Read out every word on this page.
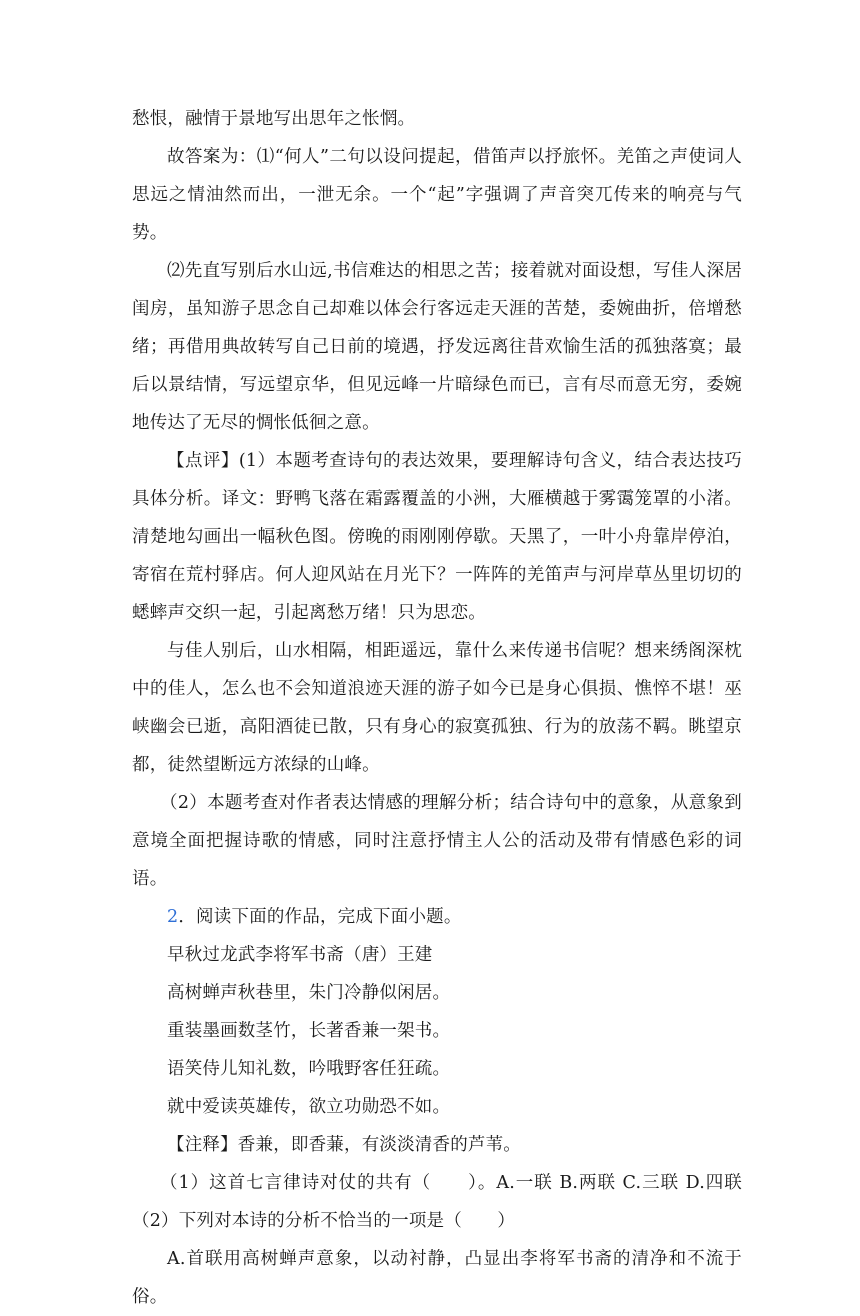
愁恨，融情于景地写出思年之怅惘。

故答案为：⑴“何人”二句以设问提起，借笛声以抒旅怀。羌笛之声使词人思远之情油然而出，一泄无余。一个“起”字强调了声音突兀传来的响亮与气势。

⑵先直写别后水山远,书信难达的相思之苦；接着就对面设想，写佳人深居闺房，虽知游子思念自己却难以体会行客远走天涯的苦楚，委婉曲折，倍增愁绪；再借用典故转写自己日前的境遇，抒发远离往昔欢愉生活的孤独落寞；最后以景结情，写远望京华，但见远峰一片暗绿色而已，言有尽而意无穷，委婉地传达了无尽的惆怅低徊之意。

【点评】(1）本题考查诗句的表达效果，要理解诗句含义，结合表达技巧具体分析。译文：野鸭飞落在霜露覆盖的小洲，大雁横越于雾霭笼罩的小渚。清楚地勾画出一幅秋色图。傍晚的雨刚刚停歇。天黑了，一叶小舟靠岸停泊，寄宿在荒村驿店。何人迎风站在月光下？一阵阵的羌笛声与河岸草丛里切切的蟋蟀声交织一起，引起离愁万绪！只为思恋。

与佳人别后，山水相隔，相距遥远，靠什么来传递书信呢？想来绣阁深枕中的佳人，怎么也不会知道浪迹天涯的游子如今已是身心俱损、憔悴不堪！巫峡幽会已逝，高阳酒徒已散，只有身心的寂寞孤独、行为的放荡不羁。眺望京都，徒然望断远方浓绿的山峰。

（2）本题考查对作者表达情感的理解分析；结合诗句中的意象，从意象到意境全面把握诗歌的情感，同时注意抒情主人公的活动及带有情感色彩的词语。

2．阅读下面的作品，完成下面小题。

早秋过龙武李将军书斋（唐）王建

高树蝉声秋巷里，朱门冷静似闲居。

重装墨画数茎竹，长著香兼一架书。

语笑侍儿知礼数，吟哦野客任狂疏。

就中爱读英雄传，欲立功勋恐不如。

【注释】香兼，即香蒹，有淡淡清香的芦苇。

（1）这首七言律诗对仗的共有（　　）。A.一联 B.两联 C.三联 D.四联（2）下列对本诗的分析不恰当的一项是（　　）

A.首联用高树蝉声意象，以动衬静，凸显出李将军书斋的清净和不流于俗。
